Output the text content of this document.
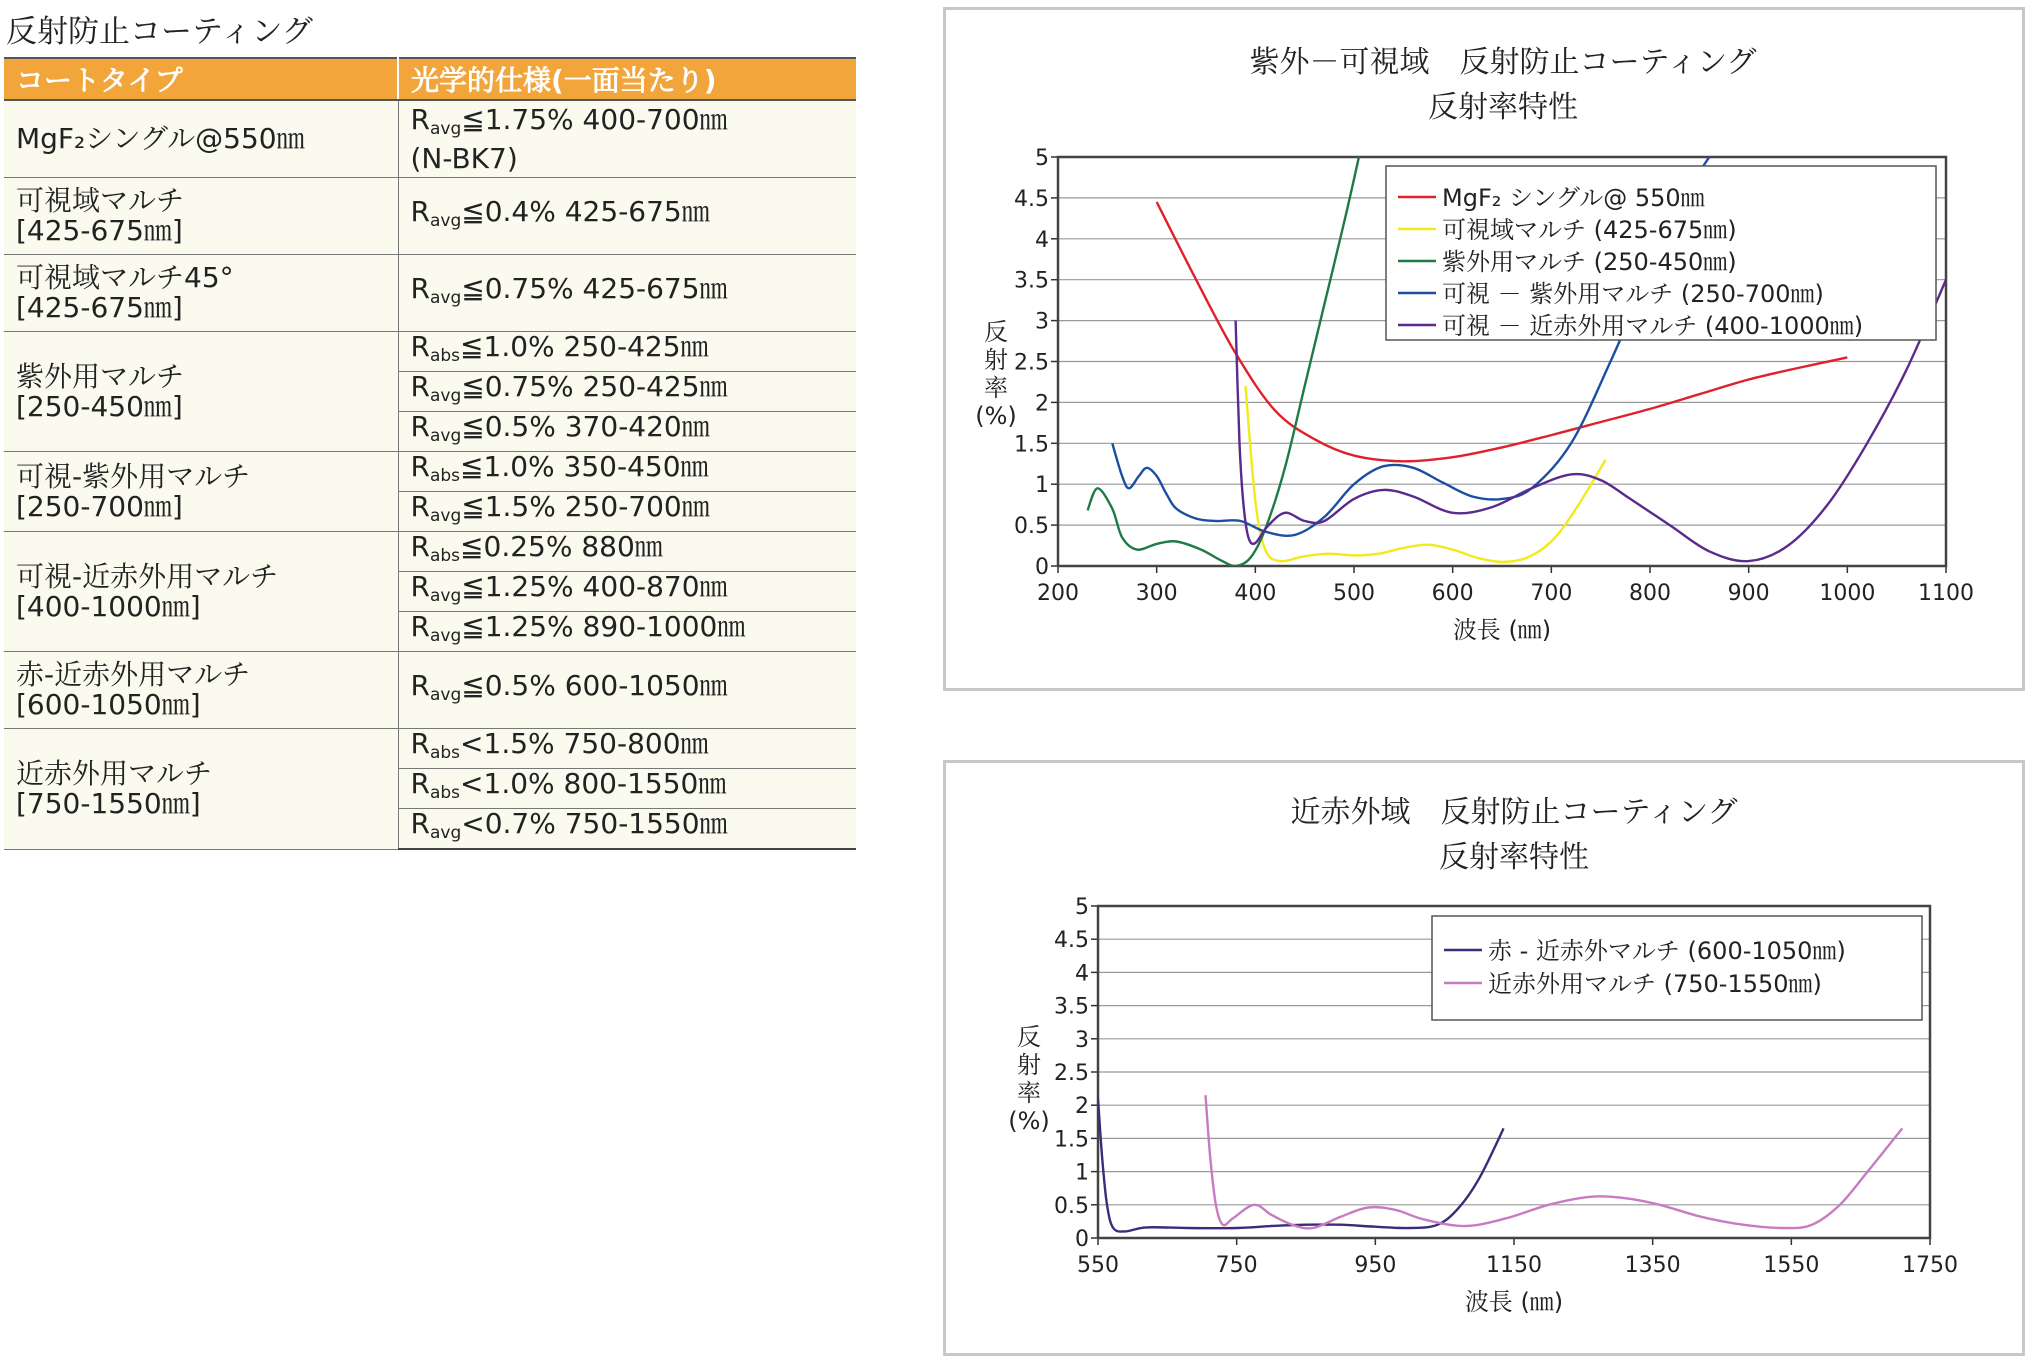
反射防止コーティング
コートタイプ	光学的仕様(一面当たり)

MgF₂シングル@550㎚	$R_{avg}≦1.75\%$ 400-700㎚
(N-BK7)

可視域マルチ
[425-675㎚]	$R_{avg}≦0.4\%$ 425-675㎚

可視域マルチ45°
[425-675㎚]	$R_{avg}≦0.75\%$ 425-675㎚

紫外用マルチ
[250-450㎚]	$R_{abs}≦1.0\%$ 250-425㎚

	$R_{avg}≦0.75\%$ 250-425㎚

	$R_{avg}≦0.5\%$ 370-420㎚

可視-紫外用マルチ
[250-700㎚]	$R_{abs}≦1.0\%$ 350-450㎚

	$R_{avg}≦1.5\%$ 250-700㎚

可視-近赤外用マルチ
[400-1000㎚]	$R_{abs}≦0.25\%$ 880㎚

	$R_{avg}≦1.25\%$ 400-870㎚

	$R_{avg}≦1.25\%$ 890-1000㎚

赤-近赤外用マルチ
[600-1050㎚]	$R_{avg}≦0.5\%$ 600-1050㎚

近赤外用マルチ
[750-1550㎚]	$R_{abs}<1.5\%$ 750-800㎚

	$R_{abs}<1.0\%$ 800-1550㎚

	$R_{avg}<0.7\%$ 750-1550㎚
紫外－可視域　反射防止コーティング
反射率特性
0
0.5
1
1.5
2
2.5
3
3.5
4
4.5
5
200	300	400	500	600	700	800	900 1000 1100
MgF₂ シングル@ 550㎚
可視域マルチ (425-675㎚)
紫外用マルチ (250-450㎚)
可視 － 紫外用マルチ (250-700㎚)
可視 － 近赤外用マルチ (400-1000㎚)
反
射
率
(%)
波長 (㎚)
近赤外域　反射防止コーティング
反射率特性
0
0.5
1
1.5
2
2.5
3
3.5
4
4.5
5
550	750	950	1150	1350	1550	1750
赤 - 近赤外マルチ (600-1050㎚)
近赤外用マルチ (750-1550㎚)
反
射
率
(%)
波長 (㎚)
